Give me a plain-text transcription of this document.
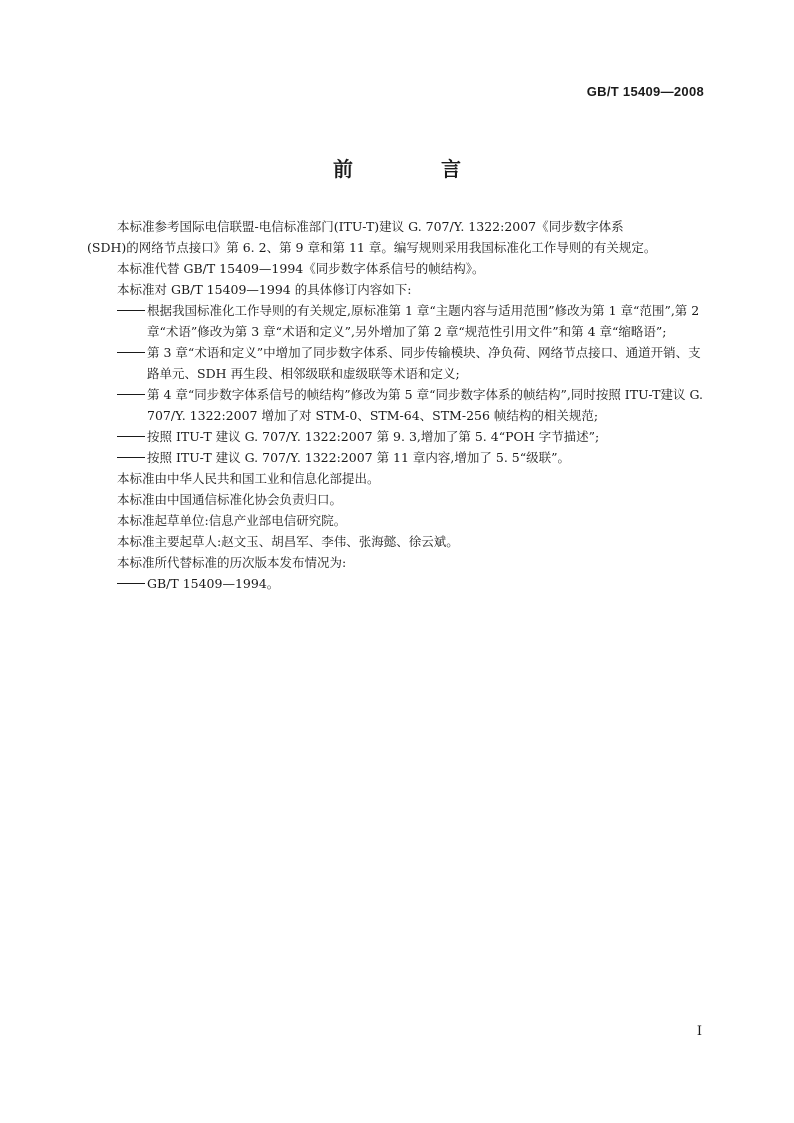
GB/T 15409—2008
前　言

本标准参考国际电信联盟-电信标准部门(ITU-T)建议 G. 707/Y. 1322:2007《同步数字体系

(SDH)的网络节点接口》第 6. 2、第 9 章和第 11 章。编写规则采用我国标准化工作导则的有关规定。

本标准代替 GB/T 15409—1994《同步数字体系信号的帧结构》。

本标准对 GB/T 15409—1994 的具体修订内容如下:

根据我国标准化工作导则的有关规定,原标准第 1 章“主题内容与适用范围”修改为第 1 章“范围”,第 2 章“术语”修改为第 3 章“术语和定义”,另外增加了第 2 章“规范性引用文件”和第 4 章“缩略语”;
第 3 章“术语和定义”中增加了同步数字体系、同步传输模块、净负荷、网络节点接口、通道开销、支路单元、SDH 再生段、相邻级联和虚级联等术语和定义;
第 4 章“同步数字体系信号的帧结构”修改为第 5 章“同步数字体系的帧结构”,同时按照 ITU-T建议 G. 707/Y. 1322:2007 增加了对 STM-0、STM-64、STM-256 帧结构的相关规范;
按照 ITU-T 建议 G. 707/Y. 1322:2007 第 9. 3,增加了第 5. 4“POH 字节描述”;
按照 ITU-T 建议 G. 707/Y. 1322:2007 第 11 章内容,增加了 5. 5“级联”。

本标准由中华人民共和国工业和信息化部提出。

本标准由中国通信标准化协会负责归口。

本标准起草单位:信息产业部电信研究院。

本标准主要起草人:赵文玉、胡昌军、李伟、张海懿、徐云斌。

本标准所代替标准的历次版本发布情况为:

GB/T 15409—1994。
I
